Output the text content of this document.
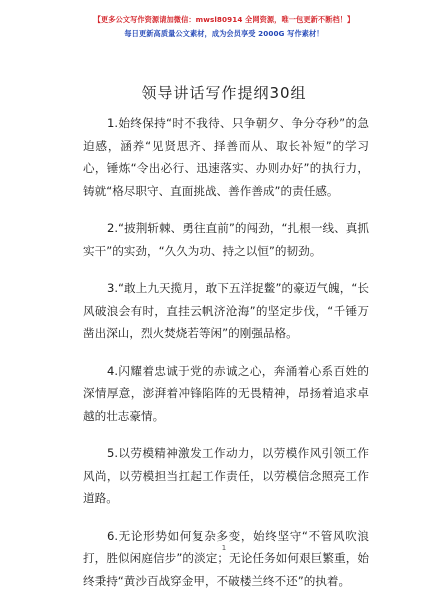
【更多公文写作资源请加微信：mwsl80914 全网资源，唯一包更新不断档！】
每日更新高质量公文素材，成为会员享受 2000G 写作素材！
领导讲话写作提纲30组

1.始终保持“时不我待、只争朝夕、争分夺秒”的急迫感，涵养“见贤思齐、择善而从、取长补短”的学习心，锤炼“令出必行、迅速落实、办则办好”的执行力，铸就“格尽职守、直面挑战、善作善成”的责任感。

2.“披荆斩棘、勇往直前”的闯劲，“扎根一线、真抓实干”的实劲，“久久为功、持之以恒”的韧劲。

3.“敢上九天揽月，敢下五洋捉鳖”的豪迈气魄，“长风破浪会有时，直挂云帆济沧海”的坚定步伐，“千锤万凿出深山，烈火焚烧若等闲”的刚强品格。

4.闪耀着忠诚于党的赤诚之心，奔涌着心系百姓的深情厚意，澎湃着冲锋陷阵的无畏精神，昂扬着追求卓越的壮志豪情。

5.以劳模精神激发工作动力，以劳模作风引领工作风尚，以劳模担当扛起工作责任，以劳模信念照亮工作道路。

6.无论形势如何复杂多变，始终坚守“不管风吹浪打，胜似闲庭信步”的淡定；无论任务如何艰巨繁重，始终秉持“黄沙百战穿金甲，不破楼兰终不还”的执着。

1
